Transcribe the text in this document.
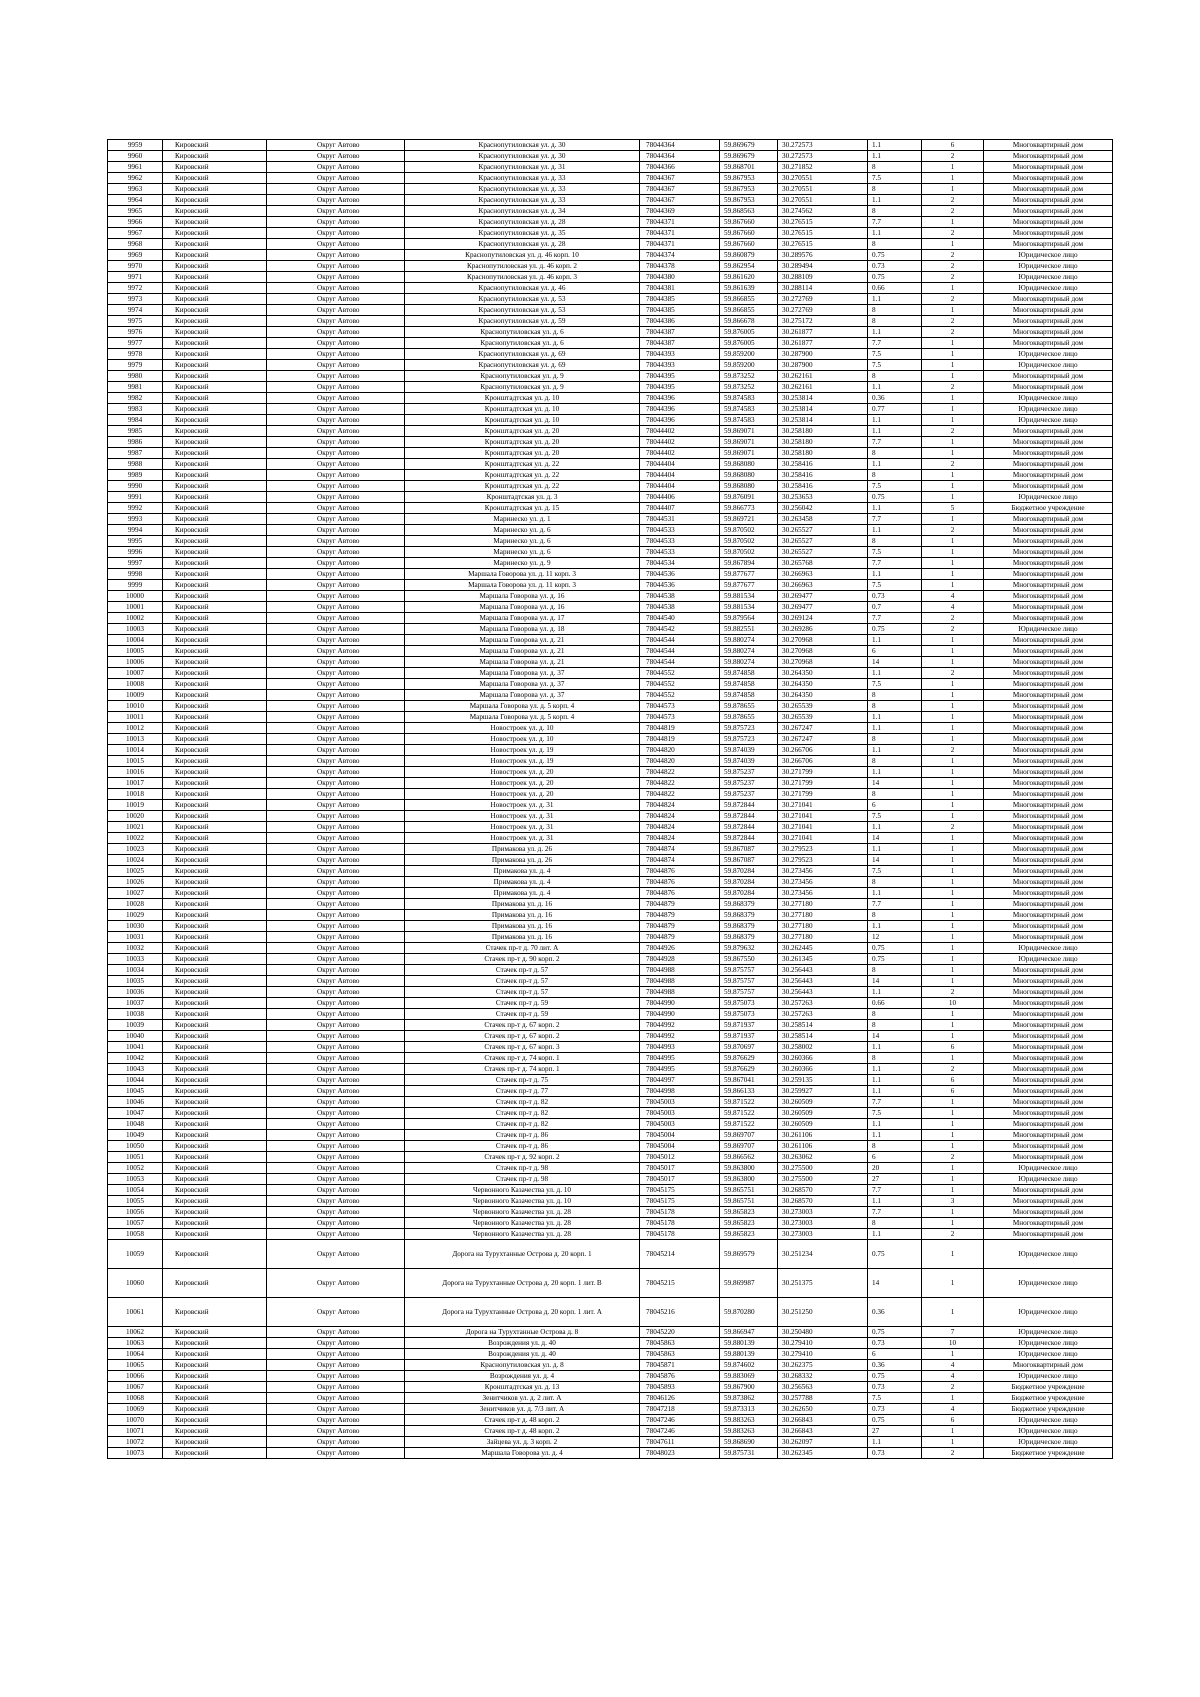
9959	Кировский	Округ Автово	Краснопутиловская ул. д. 30	78044364	59.869679	30.272573	1.1	6	Многоквартирный дом
9960	Кировский	Округ Автово	Краснопутиловская ул. д. 30	78044364	59.869679	30.272573	1.1	2	Многоквартирный дом
9961	Кировский	Округ Автово	Краснопутиловская ул. д. 31	78044366	59.868701	30.271852	8	1	Многоквартирный дом
9962	Кировский	Округ Автово	Краснопутиловская ул. д. 33	78044367	59.867953	30.270551	7.5	1	Многоквартирный дом
9963	Кировский	Округ Автово	Краснопутиловская ул. д. 33	78044367	59.867953	30.270551	8	1	Многоквартирный дом
9964	Кировский	Округ Автово	Краснопутиловская ул. д. 33	78044367	59.867953	30.270551	1.1	2	Многоквартирный дом
9965	Кировский	Округ Автово	Краснопутиловская ул. д. 34	78044369	59.868563	30.274562	8	2	Многоквартирный дом
9966	Кировский	Округ Автово	Краснопутиловская ул. д. 28	78044371	59.867660	30.276515	7.7	1	Многоквартирный дом
9967	Кировский	Округ Автово	Краснопутиловская ул. д. 35	78044371	59.867660	30.276515	1.1	2	Многоквартирный дом
9968	Кировский	Округ Автово	Краснопутиловская ул. д. 28	78044371	59.867660	30.276515	8	1	Многоквартирный дом
9969	Кировский	Округ Автово	Краснопутиловская ул. д. 46 корп. 10	78044374	59.860879	30.289576	0.75	2	Юридическое лицо
9970	Кировский	Округ Автово	Краснопутиловская ул. д. 46 корп. 2	78044378	59.862954	30.289494	0.73	2	Юридическое лицо
9971	Кировский	Округ Автово	Краснопутиловская ул. д. 46 корп. 3	78044380	59.861620	30.288109	0.75	2	Юридическое лицо
9972	Кировский	Округ Автово	Краснопутиловская ул. д. 46	78044381	59.861639	30.288114	0.66	1	Юридическое лицо
9973	Кировский	Округ Автово	Краснопутиловская ул. д. 53	78044385	59.866855	30.272769	1.1	2	Многоквартирный дом
9974	Кировский	Округ Автово	Краснопутиловская ул. д. 53	78044385	59.866855	30.272769	8	1	Многоквартирный дом
9975	Кировский	Округ Автово	Краснопутиловская ул. д. 59	78044386	59.866678	30.275172	8	2	Многоквартирный дом
9976	Кировский	Округ Автово	Краснопутиловская ул. д. 6	78044387	59.876005	30.261877	1.1	2	Многоквартирный дом
9977	Кировский	Округ Автово	Краснопутиловская ул. д. 6	78044387	59.876005	30.261877	7.7	1	Многоквартирный дом
9978	Кировский	Округ Автово	Краснопутиловская ул. д. 69	78044393	59.859200	30.287900	7.5	1	Юридическое лицо
9979	Кировский	Округ Автово	Краснопутиловская ул. д. 69	78044393	59.859200	30.287900	7.5	1	Юридическое лицо
9980	Кировский	Округ Автово	Краснопутиловская ул. д. 9	78044395	59.873252	30.262161	8	1	Многоквартирный дом
9981	Кировский	Округ Автово	Краснопутиловская ул. д. 9	78044395	59.873252	30.262161	1.1	2	Многоквартирный дом
9982	Кировский	Округ Автово	Кронштадтская ул. д. 10	78044396	59.874583	30.253814	0.36	1	Юридическое лицо
9983	Кировский	Округ Автово	Кронштадтская ул. д. 10	78044396	59.874583	30.253814	0.77	1	Юридическое лицо
9984	Кировский	Округ Автово	Кронштадтская ул. д. 10	78044396	59.874583	30.253814	1.1	1	Юридическое лицо
9985	Кировский	Округ Автово	Кронштадтская ул. д. 20	78044402	59.869071	30.258180	1.1	2	Многоквартирный дом
9986	Кировский	Округ Автово	Кронштадтская ул. д. 20	78044402	59.869071	30.258180	7.7	1	Многоквартирный дом
9987	Кировский	Округ Автово	Кронштадтская ул. д. 20	78044402	59.869071	30.258180	8	1	Многоквартирный дом
9988	Кировский	Округ Автово	Кронштадтская ул. д. 22	78044404	59.868080	30.258416	1.1	2	Многоквартирный дом
9989	Кировский	Округ Автово	Кронштадтская ул. д. 22	78044404	59.868080	30.258416	8	1	Многоквартирный дом
9990	Кировский	Округ Автово	Кронштадтская ул. д. 22	78044404	59.868080	30.258416	7.5	1	Многоквартирный дом
9991	Кировский	Округ Автово	Кронштадтская ул. д. 3	78044406	59.876091	30.253653	0.75	1	Юридическое лицо
9992	Кировский	Округ Автово	Кронштадтская ул. д. 15	78044407	59.866773	30.256042	1.1	5	Бюджетное учреждение
9993	Кировский	Округ Автово	Маринеско ул. д. 1	78044531	59.869721	30.263458	7.7	1	Многоквартирный дом
9994	Кировский	Округ Автово	Маринеско ул. д. 6	78044533	59.870502	30.265527	1.1	2	Многоквартирный дом
9995	Кировский	Округ Автово	Маринеско ул. д. 6	78044533	59.870502	30.265527	8	1	Многоквартирный дом
9996	Кировский	Округ Автово	Маринеско ул. д. 6	78044533	59.870502	30.265527	7.5	1	Многоквартирный дом
9997	Кировский	Округ Автово	Маринеско ул. д. 9	78044534	59.867894	30.265768	7.7	1	Многоквартирный дом
9998	Кировский	Округ Автово	Маршала Говорова ул. д. 11 корп. 3	78044536	59.877677	30.266963	1.1	1	Многоквартирный дом
9999	Кировский	Округ Автово	Маршала Говорова ул. д. 11 корп. 3	78044536	59.877677	30.266963	7.5	1	Многоквартирный дом
10000	Кировский	Округ Автово	Маршала Говорова ул. д. 16	78044538	59.881534	30.269477	0.73	4	Многоквартирный дом
10001	Кировский	Округ Автово	Маршала Говорова ул. д. 16	78044538	59.881534	30.269477	0.7	4	Многоквартирный дом
10002	Кировский	Округ Автово	Маршала Говорова ул. д. 17	78044540	59.879564	30.269124	7.7	2	Многоквартирный дом
10003	Кировский	Округ Автово	Маршала Говорова ул. д. 18	78044542	59.882551	30.269286	0.75	2	Юридическое лицо
10004	Кировский	Округ Автово	Маршала Говорова ул. д. 21	78044544	59.880274	30.270968	1.1	1	Многоквартирный дом
10005	Кировский	Округ Автово	Маршала Говорова ул. д. 21	78044544	59.880274	30.270968	6	1	Многоквартирный дом
10006	Кировский	Округ Автово	Маршала Говорова ул. д. 21	78044544	59.880274	30.270968	14	1	Многоквартирный дом
10007	Кировский	Округ Автово	Маршала Говорова ул. д. 37	78044552	59.874858	30.264350	1.1	2	Многоквартирный дом
10008	Кировский	Округ Автово	Маршала Говорова ул. д. 37	78044552	59.874858	30.264350	7.5	1	Многоквартирный дом
10009	Кировский	Округ Автово	Маршала Говорова ул. д. 37	78044552	59.874858	30.264350	8	1	Многоквартирный дом
10010	Кировский	Округ Автово	Маршала Говорова ул. д. 5 корп. 4	78044573	59.878655	30.265539	8	1	Многоквартирный дом
10011	Кировский	Округ Автово	Маршала Говорова ул. д. 5 корп. 4	78044573	59.878655	30.265539	1.1	1	Многоквартирный дом
10012	Кировский	Округ Автово	Новостроек ул. д. 10	78044819	59.875723	30.267247	1.1	1	Многоквартирный дом
10013	Кировский	Округ Автово	Новостроек ул. д. 10	78044819	59.875723	30.267247	8	1	Многоквартирный дом
10014	Кировский	Округ Автово	Новостроек ул. д. 19	78044820	59.874039	30.266706	1.1	2	Многоквартирный дом
10015	Кировский	Округ Автово	Новостроек ул. д. 19	78044820	59.874039	30.266706	8	1	Многоквартирный дом
10016	Кировский	Округ Автово	Новостроек ул. д. 20	78044822	59.875237	30.271799	1.1	1	Многоквартирный дом
10017	Кировский	Округ Автово	Новостроек ул. д. 20	78044822	59.875237	30.271799	14	1	Многоквартирный дом
10018	Кировский	Округ Автово	Новостроек ул. д. 20	78044822	59.875237	30.271799	8	1	Многоквартирный дом
10019	Кировский	Округ Автово	Новостроек ул. д. 31	78044824	59.872844	30.271041	6	1	Многоквартирный дом
10020	Кировский	Округ Автово	Новостроек ул. д. 31	78044824	59.872844	30.271041	7.5	1	Многоквартирный дом
10021	Кировский	Округ Автово	Новостроек ул. д. 31	78044824	59.872844	30.271041	1.1	2	Многоквартирный дом
10022	Кировский	Округ Автово	Новостроек ул. д. 31	78044824	59.872844	30.271041	14	1	Многоквартирный дом
10023	Кировский	Округ Автово	Примакова ул. д. 26	78044874	59.867087	30.279523	1.1	1	Многоквартирный дом
10024	Кировский	Округ Автово	Примакова ул. д. 26	78044874	59.867087	30.279523	14	1	Многоквартирный дом
10025	Кировский	Округ Автово	Примакова ул. д. 4	78044876	59.870284	30.273456	7.5	1	Многоквартирный дом
10026	Кировский	Округ Автово	Примакова ул. д. 4	78044876	59.870284	30.273456	8	1	Многоквартирный дом
10027	Кировский	Округ Автово	Примакова ул. д. 4	78044876	59.870284	30.273456	1.1	1	Многоквартирный дом
10028	Кировский	Округ Автово	Примакова ул. д. 16	78044879	59.868379	30.277180	7.7	1	Многоквартирный дом
10029	Кировский	Округ Автово	Примакова ул. д. 16	78044879	59.868379	30.277180	8	1	Многоквартирный дом
10030	Кировский	Округ Автово	Примакова ул. д. 16	78044879	59.868379	30.277180	1.1	1	Многоквартирный дом
10031	Кировский	Округ Автово	Примакова ул. д. 16	78044879	59.868379	30.277180	12	1	Многоквартирный дом
10032	Кировский	Округ Автово	Стачек пр-т д. 70 лит. А	78044926	59.879632	30.262445	0.75	1	Юридическое лицо
10033	Кировский	Округ Автово	Стачек пр-т д. 90 корп. 2	78044928	59.867550	30.261345	0.75	1	Юридическое лицо
10034	Кировский	Округ Автово	Стачек пр-т д. 57	78044988	59.875757	30.256443	8	1	Многоквартирный дом
10035	Кировский	Округ Автово	Стачек пр-т д. 57	78044988	59.875757	30.256443	14	1	Многоквартирный дом
10036	Кировский	Округ Автово	Стачек пр-т д. 57	78044988	59.875757	30.256443	1.1	2	Многоквартирный дом
10037	Кировский	Округ Автово	Стачек пр-т д. 59	78044990	59.875073	30.257263	0.66	10	Многоквартирный дом
10038	Кировский	Округ Автово	Стачек пр-т д. 59	78044990	59.875073	30.257263	8	1	Многоквартирный дом
10039	Кировский	Округ Автово	Стачек пр-т д. 67 корп. 2	78044992	59.871937	30.258514	8	1	Многоквартирный дом
10040	Кировский	Округ Автово	Стачек пр-т д. 67 корп. 2	78044992	59.871937	30.258514	14	1	Многоквартирный дом
10041	Кировский	Округ Автово	Стачек пр-т д. 67 корп. 3	78044993	59.870697	30.258002	1.1	6	Многоквартирный дом
10042	Кировский	Округ Автово	Стачек пр-т д. 74 корп. 1	78044995	59.876629	30.260366	8	1	Многоквартирный дом
10043	Кировский	Округ Автово	Стачек пр-т д. 74 корп. 1	78044995	59.876629	30.260366	1.1	2	Многоквартирный дом
10044	Кировский	Округ Автово	Стачек пр-т д. 75	78044997	59.867041	30.259135	1.1	6	Многоквартирный дом
10045	Кировский	Округ Автово	Стачек пр-т д. 77	78044998	59.866133	30.259927	1.1	6	Многоквартирный дом
10046	Кировский	Округ Автово	Стачек пр-т д. 82	78045003	59.871522	30.260509	7.7	1	Многоквартирный дом
10047	Кировский	Округ Автово	Стачек пр-т д. 82	78045003	59.871522	30.260509	7.5	1	Многоквартирный дом
10048	Кировский	Округ Автово	Стачек пр-т д. 82	78045003	59.871522	30.260509	1.1	1	Многоквартирный дом
10049	Кировский	Округ Автово	Стачек пр-т д. 86	78045004	59.869707	30.261106	1.1	1	Многоквартирный дом
10050	Кировский	Округ Автово	Стачек пр-т д. 86	78045004	59.869707	30.261106	8	1	Многоквартирный дом
10051	Кировский	Округ Автово	Стачек пр-т д. 92 корп. 2	78045012	59.866562	30.263062	6	2	Многоквартирный дом
10052	Кировский	Округ Автово	Стачек пр-т д. 98	78045017	59.863800	30.275500	20	1	Юридическое лицо
10053	Кировский	Округ Автово	Стачек пр-т д. 98	78045017	59.863800	30.275500	27	1	Юридическое лицо
10054	Кировский	Округ Автово	Червонного Казачества ул. д. 10	78045175	59.865751	30.268570	7.7	1	Многоквартирный дом
10055	Кировский	Округ Автово	Червонного Казачества ул. д. 10	78045175	59.865751	30.268570	1.1	3	Многоквартирный дом
10056	Кировский	Округ Автово	Червонного Казачества ул. д. 28	78045178	59.865823	30.273003	7.7	1	Многоквартирный дом
10057	Кировский	Округ Автово	Червонного Казачества ул. д. 28	78045178	59.865823	30.273003	8	1	Многоквартирный дом
10058	Кировский	Округ Автово	Червонного Казачества ул. д. 28	78045178	59.865823	30.273003	1.1	2	Многоквартирный дом
10059	Кировский	Округ Автово	Дорога на Турухтанные Острова д. 20 корп. 1	78045214	59.869579	30.251234	0.75	1	Юридическое лицо
10060	Кировский	Округ Автово	Дорога на Турухтанные Острова д. 20 корп. 1 лит. В	78045215	59.869987	30.251375	14	1	Юридическое лицо
10061	Кировский	Округ Автово	Дорога на Турухтанные Острова д. 20 корп. 1 лит. А	78045216	59.870280	30.251250	0.36	1	Юридическое лицо
10062	Кировский	Округ Автово	Дорога на Турухтанные Острова д. 8	78045220	59.866947	30.250480	0.75	7	Юридическое лицо
10063	Кировский	Округ Автово	Возрождения ул. д. 40	78045863	59.880139	30.279410	0.73	10	Юридическое лицо
10064	Кировский	Округ Автово	Возрождения ул. д. 40	78045863	59.880139	30.279410	6	1	Юридическое лицо
10065	Кировский	Округ Автово	Краснопутиловская ул. д. 8	78045871	59.874602	30.262375	0.36	4	Многоквартирный дом
10066	Кировский	Округ Автово	Возрождения ул. д. 4	78045876	59.883069	30.268332	0.75	4	Юридическое лицо
10067	Кировский	Округ Автово	Кронштадтская ул. д. 13	78045893	59.867900	30.256563	0.73	2	Бюджетное учреждение
10068	Кировский	Округ Автово	Зенитчиков ул. д. 2 лит. А	78046126	59.873862	30.257788	7.5	1	Бюджетное учреждение
10069	Кировский	Округ Автово	Зенитчиков ул. д. 7/3 лит. А	78047218	59.873313	30.262650	0.73	4	Бюджетное учреждение
10070	Кировский	Округ Автово	Стачек пр-т д. 48 корп. 2	78047246	59.883263	30.266843	0.75	6	Юридическое лицо
10071	Кировский	Округ Автово	Стачек пр-т д. 48 корп. 2	78047246	59.883263	30.266843	27	1	Юридическое лицо
10072	Кировский	Округ Автово	Зайцева ул. д. 3 корп. 2	78047611	59.868690	30.262097	1.1	1	Юридическое лицо
10073	Кировский	Округ Автово	Маршала Говорова ул. д. 4	78048023	59.875731	30.262345	0.73	2	Бюджетное учреждение
